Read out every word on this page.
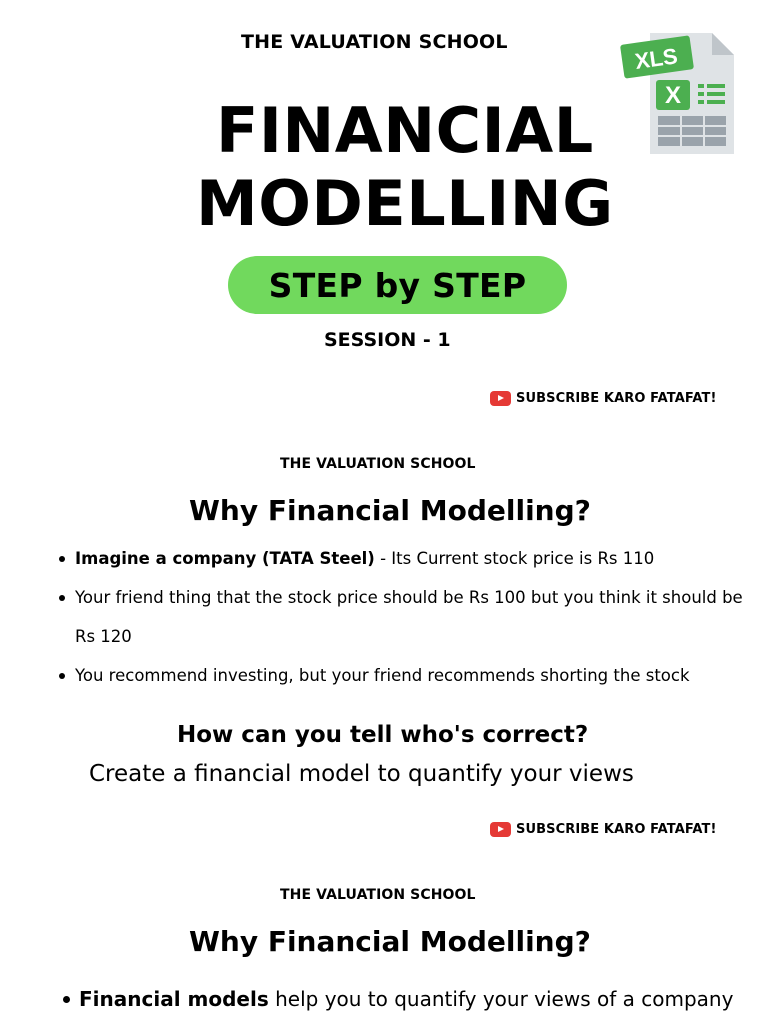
THE VALUATION SCHOOL
FINANCIAL
MODELLING
STEP by STEP
SESSION - 1
XLS
X
SUBSCRIBE KARO FATAFAT!
THE VALUATION SCHOOL
Why Financial Modelling?
Imagine a company (TATA Steel) - Its Current stock price is Rs 110
Your friend thing that the stock price should be Rs 100 but you think it should be Rs 120
You recommend investing, but your friend recommends shorting the stock
How can you tell who's correct?
Create a financial model to quantify your views
SUBSCRIBE KARO FATAFAT!
THE VALUATION SCHOOL
Why Financial Modelling?
Financial models help you to quantify your views of a company
